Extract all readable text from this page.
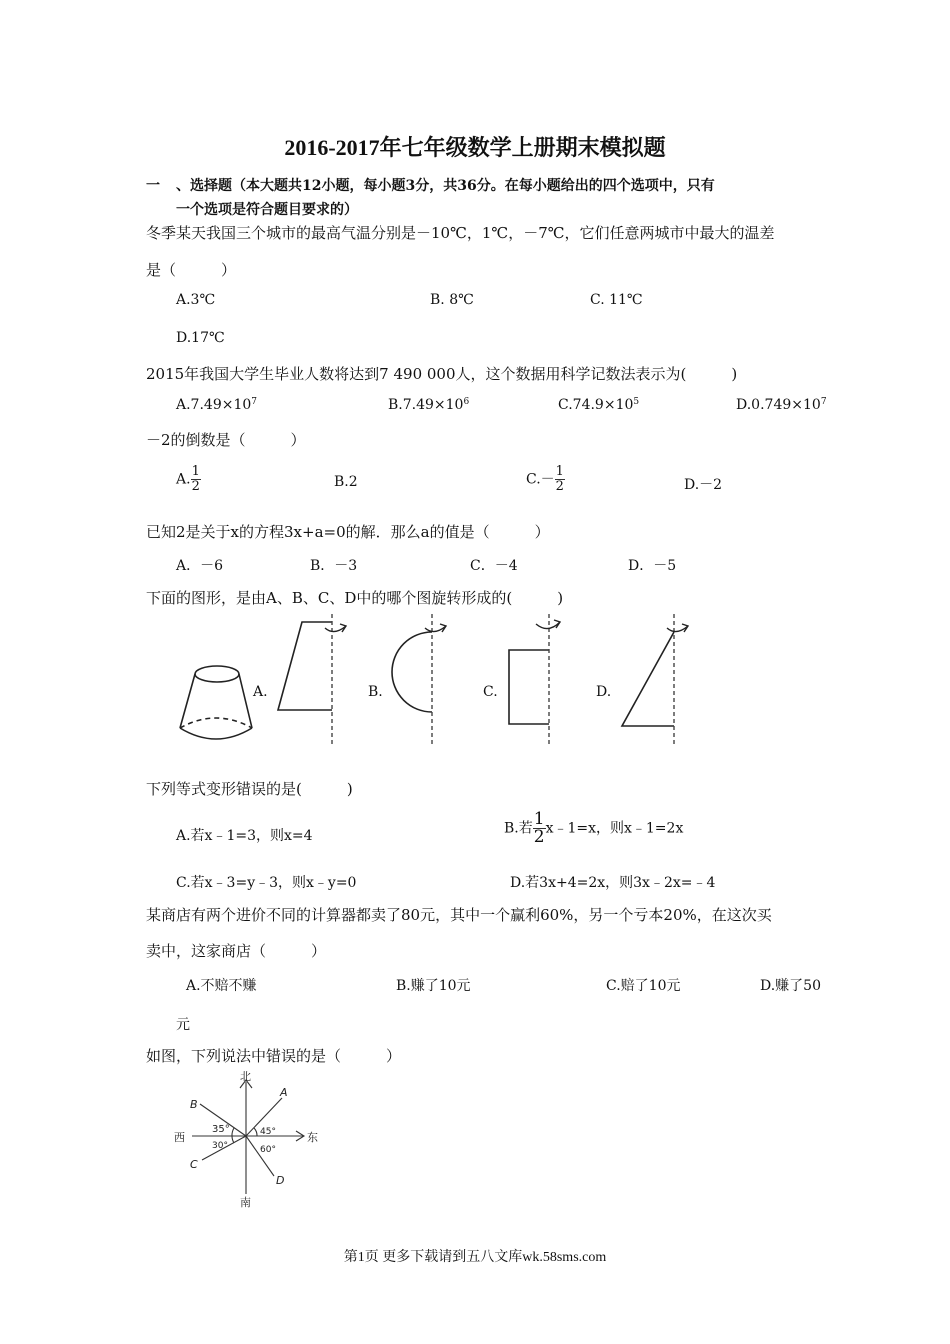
2016-2017年七年级数学上册期末模拟题
一 、选择题（本大题共12小题，每小题3分，共36分。在每小题给出的四个选项中，只有
一个选项是符合题目要求的）
冬季某天我国三个城市的最高气温分别是－10℃，1℃，－7℃，它们任意两城市中最大的温差
是（　　　）
A.3℃	B. 8℃	C. 11℃
D.17℃
2015年我国大学生毕业人数将达到7 490 000人，这个数据用科学记数法表示为(　　　)
$A.7.49\times 10^7$	$B.7.49\times 10^6$	$C.74.9\times 10^5$	$D.0.749\times 10^7$
－2的倒数是（　　　）
A. $\frac{1}{2}$	B.2	$C.- \frac{1}{2}$	D.－2
已知2是关于x的方程3x+a=0的解．那么a的值是（　　　）
A．－6	B．－3	C．－4	D．－5
下面的图形，是由A、B、C、D中的哪个图旋转形成的(　　　)
A.	B.	C.	D.
下列等式变形错误的是(　　　)
A.若x﹣1=3，则x=4	B.若 $\frac{1}{2}$ x﹣1=x，则x﹣1=2x
C.若x﹣3=y﹣3，则x﹣y=0	D.若3x+4=2x，则3x﹣2x=﹣4
某商店有两个进价不同的计算器都卖了80元，其中一个赢利60%，另一个亏本20%，在这次买
卖中，这家商店（　　　）
A.不赔不赚	B.赚了10元	C.赔了10元	D.赚了50
元
如图，下列说法中错误的是（　　　）
北
南
东
西
A
B
C
D
35°
30°
45°
60°
第1页 更多下载请到五八文库wk.58sms.com
